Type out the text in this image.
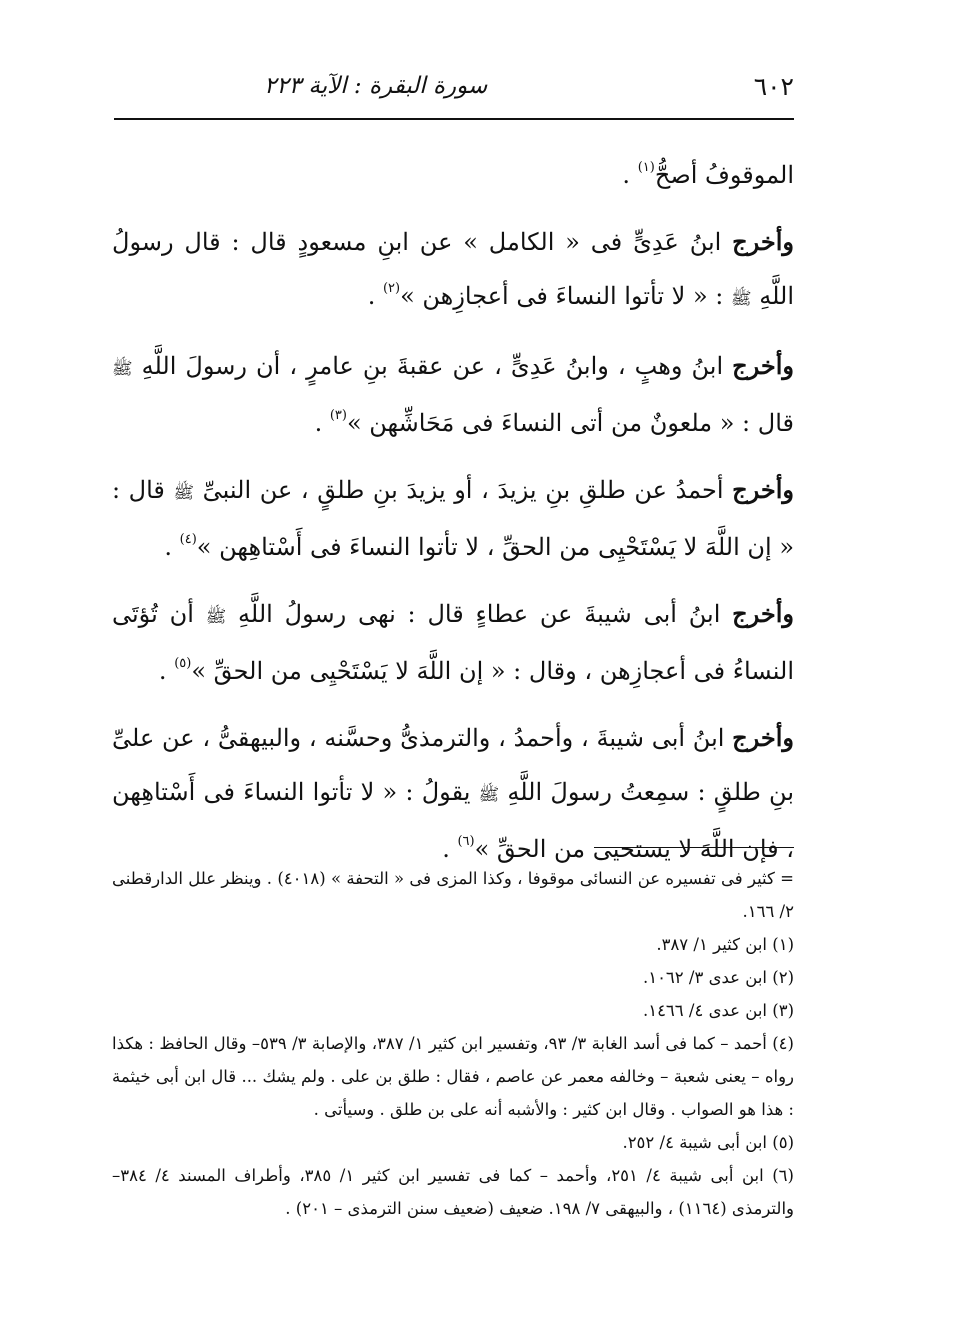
٦٠٢
سورة البقرة : الآية ٢٢٣
الموقوفُ أصحُّ$^{(١)}$ .
وأخرج ابنُ عَدِىٍّ فى « الكامل » عن ابنِ مسعودٍ قال : قال رسولُ اللَّهِ ﷺ : « لا تأتوا النساءَ فى أعجازِهن »$^{(٢)}$ .
وأخرج ابنُ وهبٍ ، وابنُ عَدِىٍّ ، عن عقبةَ بنِ عامرٍ ، أن رسولَ اللَّهِ ﷺ قال : « ملعونٌ من أتى النساءَ فى مَحَاشِّهن »$^{(٣)}$ .
وأخرج أحمدُ عن طلقِ بنِ يزيدَ ، أو يزيدَ بنِ طلقٍ ، عن النبىِّ ﷺ قال : « إن اللَّهَ لا يَسْتَحْيِى من الحقِّ ، لا تأتوا النساءَ فى أَسْتاهِهن »$^{(٤)}$ .
وأخرج ابنُ أبى شيبةَ عن عطاءٍ قال : نهى رسولُ اللَّهِ ﷺ أن تُؤتَى النساءُ فى أعجازِهن ، وقال : « إن اللَّهَ لا يَسْتَحْيِى من الحقِّ »$^{(٥)}$ .
وأخرج ابنُ أبى شيبةَ ، وأحمدُ ، والترمذىُّ وحسَّنه ، والبيهقىُّ ، عن علىِّ بنِ طلقٍ : سمِعتُ رسولَ اللَّهِ ﷺ يقولُ : « لا تأتوا النساءَ فى أَسْتاهِهن ، فإن اللَّهَ لا يستحيى من الحقِّ »$^{(٦)}$ .
= كثير فى تفسيره عن النسائى موقوفا ، وكذا المزى فى « التحفة » (٤٠١٨) . وينظر علل الدارقطنى ٢/ ١٦٦.
(١) ابن كثير ١/ ٣٨٧.
(٢) ابن عدى ٣/ ١٠٦٢.
(٣) ابن عدى ٤/ ١٤٦٦.
(٤) أحمد – كما فى أسد الغابة ٣/ ٩٣، وتفسير ابن كثير ١/ ٣٨٧، والإصابة ٣/ ٥٣٩– وقال الحافظ : هكذا رواه – يعنى شعبة – وخالفه معمر عن عاصم ، فقال : طلق بن على . ولم يشك ... قال ابن أبى خيثمة : هذا هو الصواب . وقال ابن كثير : والأشبه أنه على بن طلق . وسيأتى .
(٥) ابن أبى شيبة ٤/ ٢٥٢.
(٦) ابن أبى شيبة ٤/ ٢٥١، وأحمد – كما فى تفسير ابن كثير ١/ ٣٨٥، وأطراف المسند ٤/ ٣٨٤– والترمذى (١١٦٤) ، والبيهقى ٧/ ١٩٨. ضعيف (ضعيف سنن الترمذى – ٢٠١) .
